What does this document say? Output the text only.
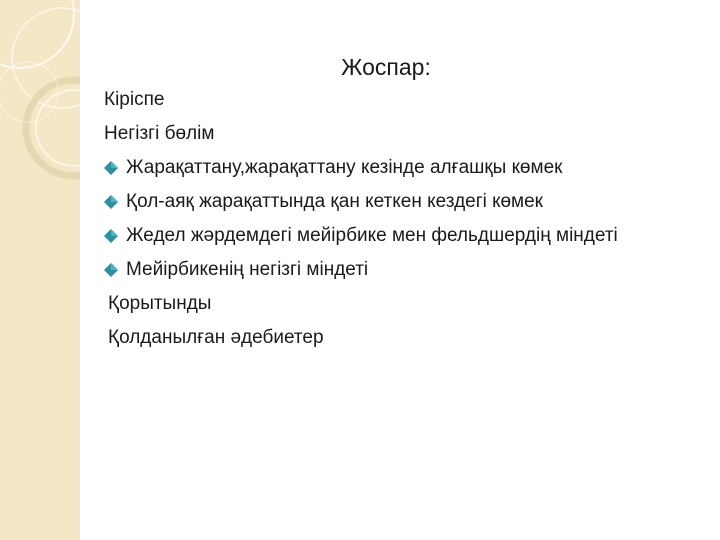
Жоспар:
Кіріспе
Негізгі бөлім
Жарақаттану,жарақаттану кезінде алғашқы көмек
Қол-аяқ жарақаттында қан кеткен кездегі көмек
Жедел жәрдемдегі мейірбике мен фельдшердің міндеті
Мейірбикенің негізгі міндеті
Қорытынды
Қолданылған әдебиетер
